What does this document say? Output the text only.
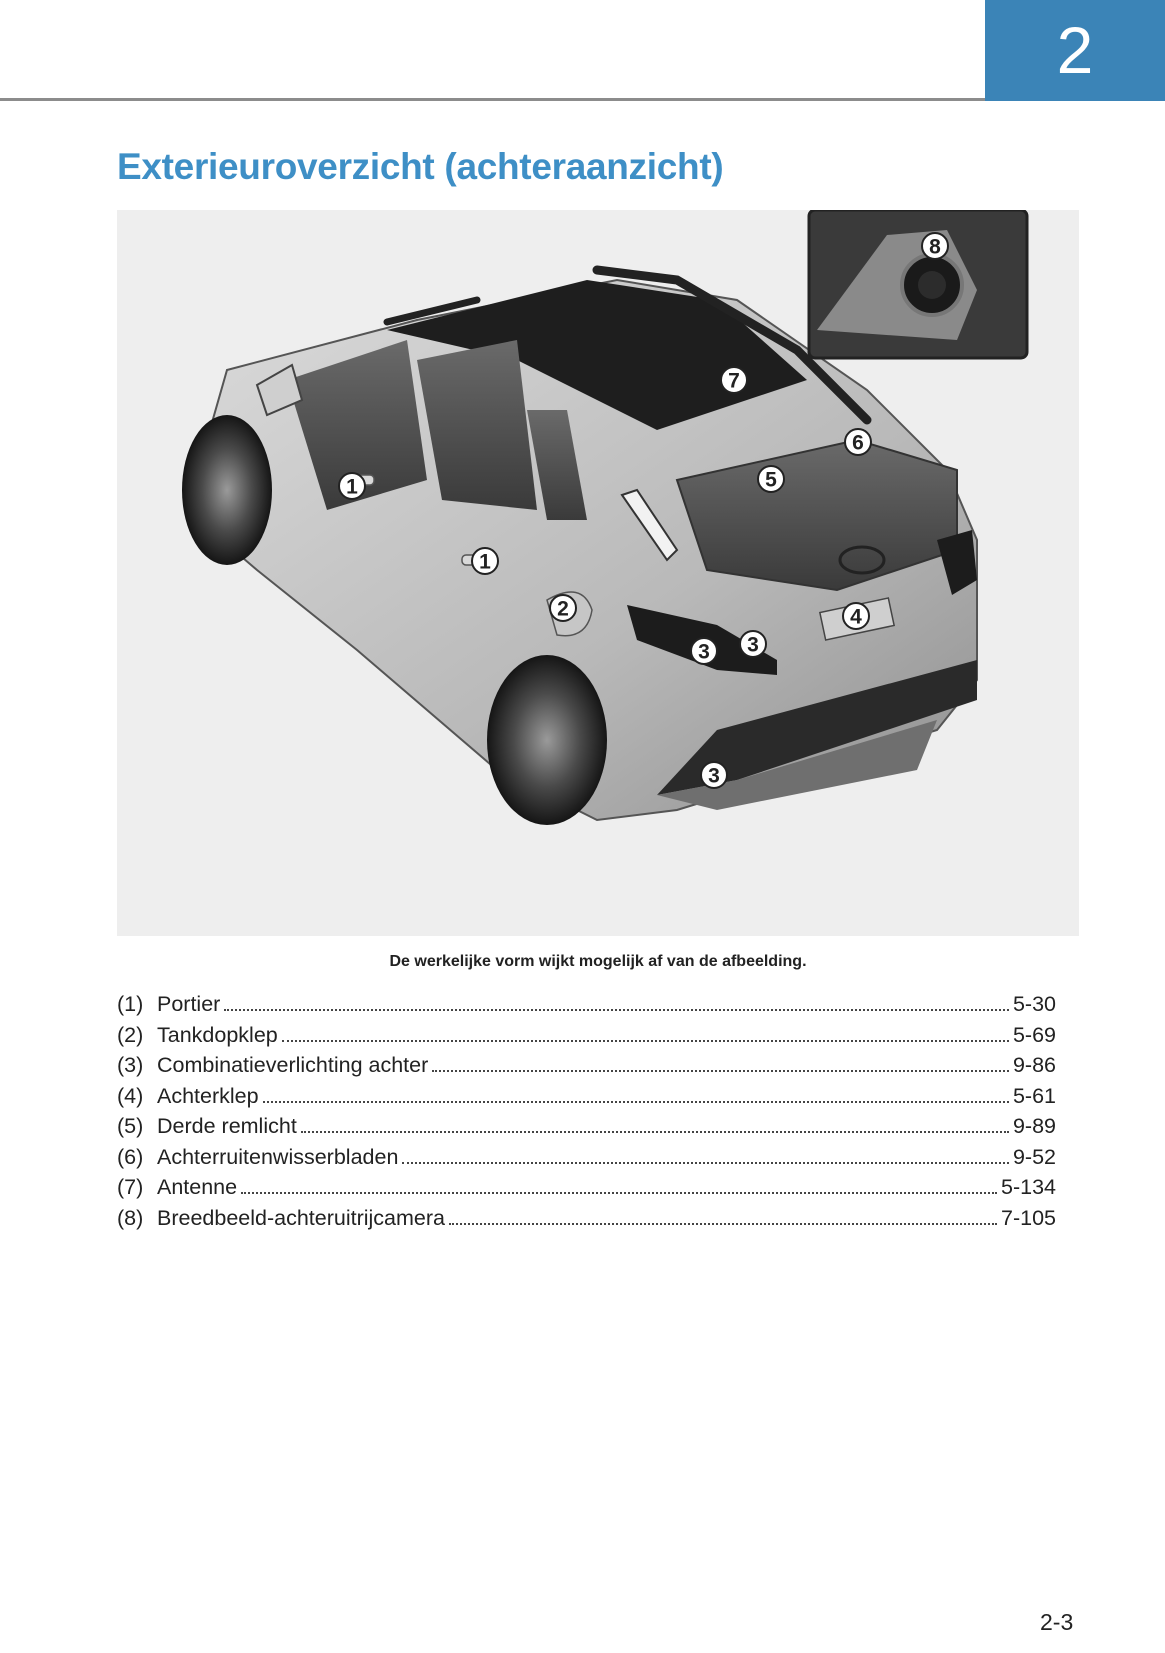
2
Exterieuroverzicht (achteraanzicht)
1
1
2
3 3
3
4
5
6
7
8
De werkelijke vorm wijkt mogelijk af van de afbeelding.
(1) Portier	5-30
(2) Tankdopklep	5-69
(3) Combinatieverlichting achter	9-86
(4) Achterklep	5-61
(5) Derde remlicht	9-89
(6) Achterruitenwisserbladen	9-52
(7) Antenne	5-134
(8) Breedbeeld-achteruitrijcamera	7-105
2-3
